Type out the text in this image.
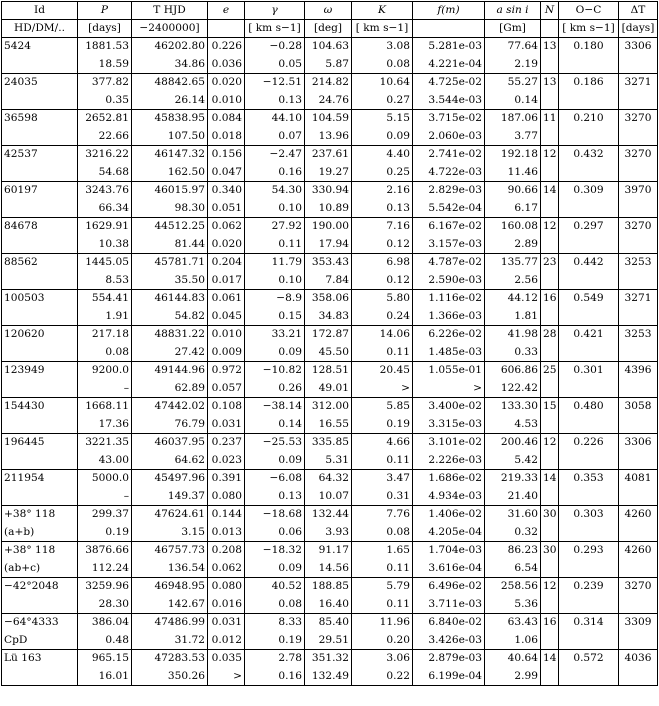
Id	P	T HJD	e	γ	ω	K	f(m)	a sin i	N	O−C	ΔT
HD/DM/..	[days]	−2400000]		[ km s−1]	[deg]	[ km s−1]		[Gm]		[ km s−1]	[days]
5424	1881.53	46202.80	0.226	−0.28	104.63	3.08	5.281e-03	77.64	13	0.180	3306
	18.59	34.86	0.036	0.05	5.87	0.08	4.221e-04	2.19			
24035	377.82	48842.65	0.020	−12.51	214.82	10.64	4.725e-02	55.27	13	0.186	3271
	0.35	26.14	0.010	0.13	24.76	0.27	3.544e-03	0.14			
36598	2652.81	45838.95	0.084	44.10	104.59	5.15	3.715e-02	187.06	11	0.210	3270
	22.66	107.50	0.018	0.07	13.96	0.09	2.060e-03	3.77			
42537	3216.22	46147.32	0.156	−2.47	237.61	4.40	2.741e-02	192.18	12	0.432	3270
	54.68	162.50	0.047	0.16	19.27	0.25	4.722e-03	11.46			
60197	3243.76	46015.97	0.340	54.30	330.94	2.16	2.829e-03	90.66	14	0.309	3970
	66.34	98.30	0.051	0.10	10.89	0.13	5.542e-04	6.17			
84678	1629.91	44512.25	0.062	27.92	190.00	7.16	6.167e-02	160.08	12	0.297	3270
	10.38	81.44	0.020	0.11	17.94	0.12	3.157e-03	2.89			
88562	1445.05	45781.71	0.204	11.79	353.43	6.98	4.787e-02	135.77	23	0.442	3253
	8.53	35.50	0.017	0.10	7.84	0.12	2.590e-03	2.56			
100503	554.41	46144.83	0.061	−8.9	358.06	5.80	1.116e-02	44.12	16	0.549	3271
	1.91	54.82	0.045	0.15	34.83	0.24	1.366e-03	1.81			
120620	217.18	48831.22	0.010	33.21	172.87	14.06	6.226e-02	41.98	28	0.421	3253
	0.08	27.42	0.009	0.09	45.50	0.11	1.485e-03	0.33			
123949	9200.0	49144.96	0.972	−10.82	128.51	20.45	1.055e-01	606.86	25	0.301	4396
	–	62.89	0.057	0.26	49.01	>	>	122.42			
154430	1668.11	47442.02	0.108	−38.14	312.00	5.85	3.400e-02	133.30	15	0.480	3058
	17.36	76.79	0.031	0.14	16.55	0.19	3.315e-03	4.53			
196445	3221.35	46037.95	0.237	−25.53	335.85	4.66	3.101e-02	200.46	12	0.226	3306
	43.00	64.62	0.023	0.09	5.31	0.11	2.226e-03	5.42			
211954	5000.0	45497.96	0.391	−6.08	64.32	3.47	1.686e-02	219.33	14	0.353	4081
	–	149.37	0.080	0.13	10.07	0.31	4.934e-03	21.40			
+38° 118	299.37	47624.61	0.144	−18.68	132.44	7.76	1.406e-02	31.60	30	0.303	4260
(a+b)	0.19	3.15	0.013	0.06	3.93	0.08	4.205e-04	0.32			
+38° 118	3876.66	46757.73	0.208	−18.32	91.17	1.65	1.704e-03	86.23	30	0.293	4260
(ab+c)	112.24	136.54	0.062	0.09	14.56	0.11	3.616e-04	6.54			
−42°2048	3259.96	46948.95	0.080	40.52	188.85	5.79	6.496e-02	258.56	12	0.239	3270
	28.30	142.67	0.016	0.08	16.40	0.11	3.711e-03	5.36			
−64°4333	386.04	47486.99	0.031	8.33	85.40	11.96	6.840e-02	63.43	16	0.314	3309
CpD	0.48	31.72	0.012	0.19	29.51	0.20	3.426e-03	1.06			
Lü 163	965.15	47283.53	0.035	2.78	351.32	3.06	2.879e-03	40.64	14	0.572	4036
	16.01	350.26	>	0.16	132.49	0.22	6.199e-04	2.99			
